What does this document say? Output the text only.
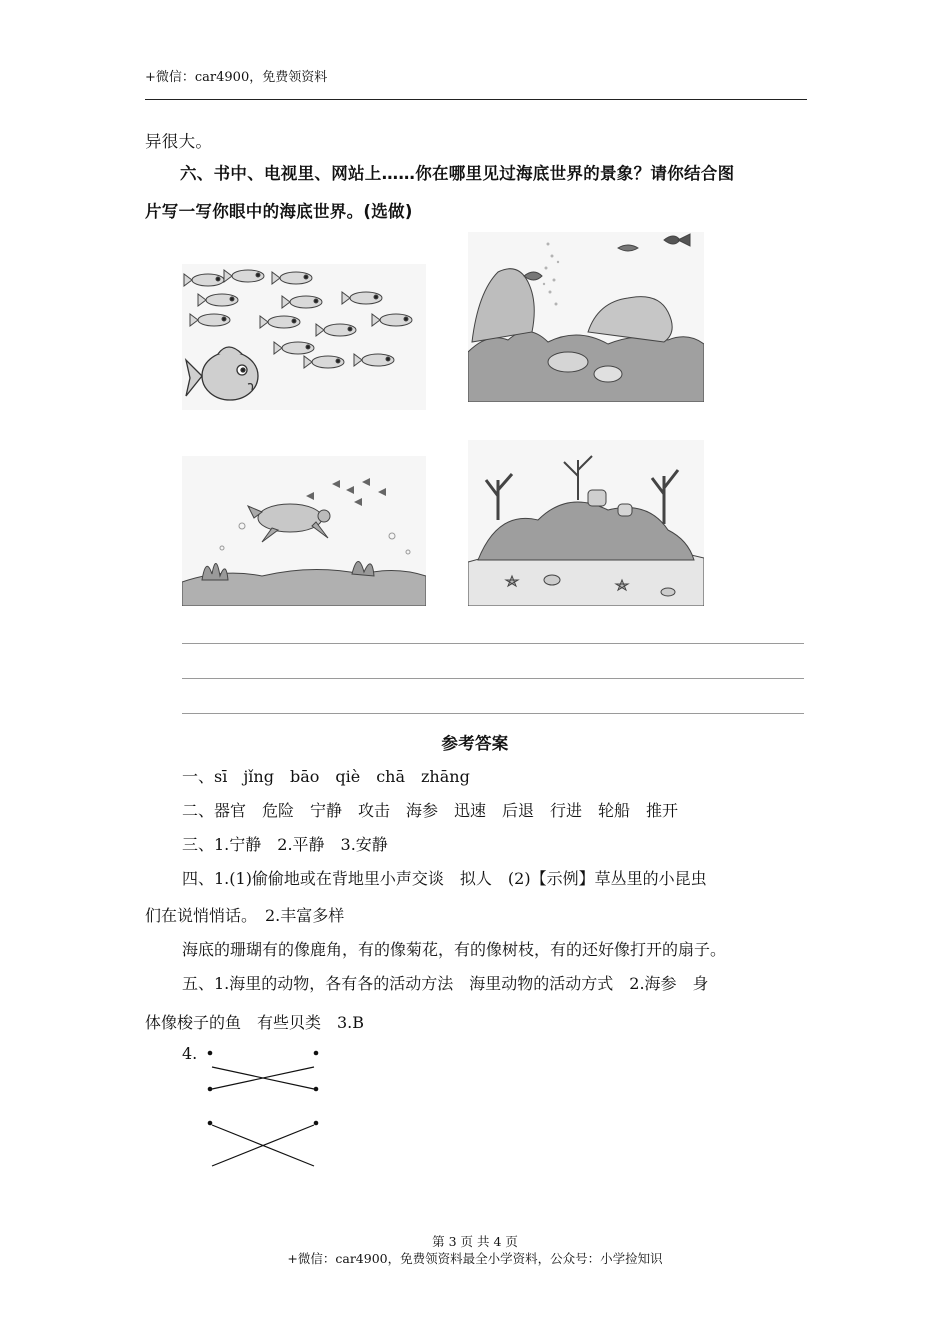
+微信：car4900，免费领资料
异很大。
六、书中、电视里、网站上……你在哪里见过海底世界的景象？请你结合图
片写一写你眼中的海底世界。(选做)
参考答案
一、sī　jǐng　bāo　qiè　chā　zhāng
二、器官　危险　宁静　攻击　海参　迅速　后退　行进　轮船　推开
三、1.宁静　2.平静　3.安静
四、1.(1)偷偷地或在背地里小声交谈　拟人　(2)【示例】草丛里的小昆虫
们在说悄悄话。　2.丰富多样
海底的珊瑚有的像鹿角，有的像菊花，有的像树枝，有的还好像打开的扇子。
五、1.海里的动物，各有各的活动方法　海里动物的活动方式　2.海参　身
体像梭子的鱼　有些贝类　3.B
4.
第 3 页 共 4 页
+微信：car4900，免费领资料最全小学资料，公众号：小学捡知识
